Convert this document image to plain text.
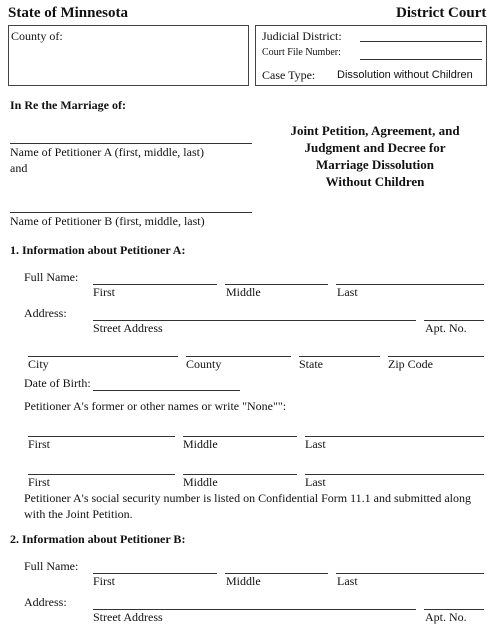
State of Minnesota	District Court
County of:	Judicial District:
Court File Number:
Case Type: Dissolution without Children
In Re the Marriage of:
Name of Petitioner A (first, middle, last)
and
Name of Petitioner B (first, middle, last)
Joint Petition, Agreement, and
Judgment and Decree for
Marriage Dissolution
Without Children
1. Information about Petitioner A:
Full Name:
First	Middle	Last
Address:
Street Address	Apt. No.
City	County	State	Zip Code
Date of Birth:
Petitioner A's former or other names or write "None"":
First	Middle	Last
First	Middle	Last
Petitioner A's social security number is listed on Confidential Form 11.1 and submitted along
with the Joint Petition.
2. Information about Petitioner B:
Full Name:
First	Middle	Last
Address:
Street Address	Apt. No.
